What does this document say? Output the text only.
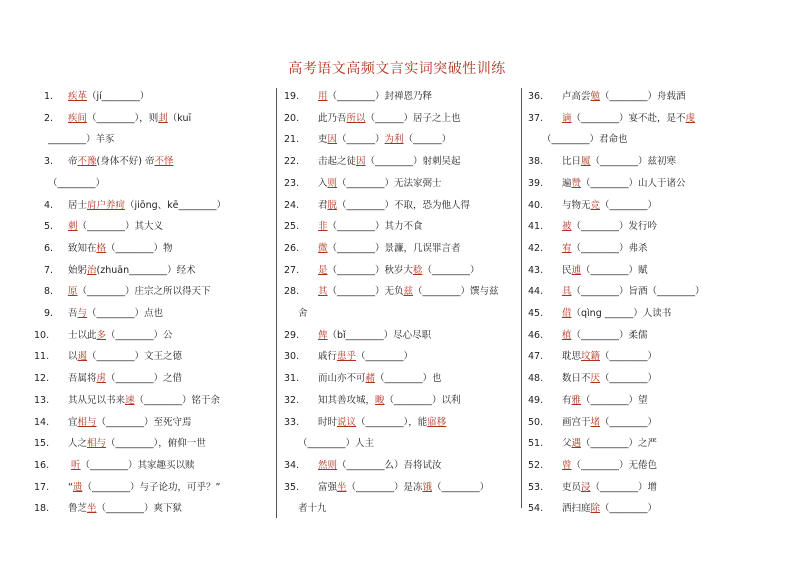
高考语文高频文言实词突破性训练
1. 疾革（jí________）
2. 疾间（________），则刲（kuī
________）羊豕
3. 帝不豫(身体不好) 帝不怿
（________）
4. 居士肩户养疴（jiōng、kē________）
5. 刺（________）其大义
6. 致知在格（________）物
7. 始躬治(zhuān________）经术
8. 原（________）庄宗之所以得天下
9. 吾与（________）点也
10. 士以此多（________）公
11. 以遏（________）文王之德
12. 吾属将虏（________）之借
13. 其从兄以书来速（________）铭于余
14. 宜相与（________）至死守焉
15. 人之相与（________），俯仰一世
16. 听（________）其家趣买以赎
17. “遗（________）与子论功，可乎？”
18. 鲁芝坐（________）爽下狱
19. 用（________）封禅恩乃释
20. 此乃吾所以（______）居子之上也
21. 吏因（______）为利（______）
22. 击起之徒因（________）射刺吴起
23. 入则（________）无法家弼士
24. 君脱（________）不取，恐为他人得
25. 非（________）其力不食
26. 微（________）景濂，几误罪言者
27. 是（________）秋岁大稔（________）
28. 其（________）无负兹（________）馔与兹
舍
29. 俾（bǐ________）尽心尽职
30. 戚行患乎（________）
31. 而山亦不可赭（________）也
32. 知其善攻城，畯（________）以利
33. 时时说议（________），能寤移
（________）人主
34. 然则（________么）吾将试汝
35. 富强坐（________）是冻饿（________）
者十九
36. 卢高尝勉（________）舟载酒
37. 谪（________）宴不赴，是不虔
（________）君命也
38. 比日履（________）兹初寒
39. 遍赞（________）山人于诸公
40. 与物无竞（________）
41. 被（________）发行吟
42. 宥（________）弗杀
43. 民逋（________）赋
44. 具（________）旨酒（________）
45. 借（qìng ______）人读书
46. 植（________）柔儒
47. 耽思坟籍（________）
48. 数日不厌（________）
49. 有雅（________）望
50. 画宫于堵（________）
51. 父遇（________）之严
52. 曾（________）无倦色
53. 吏员浸（________）增
54. 洒扫庭除（________）
